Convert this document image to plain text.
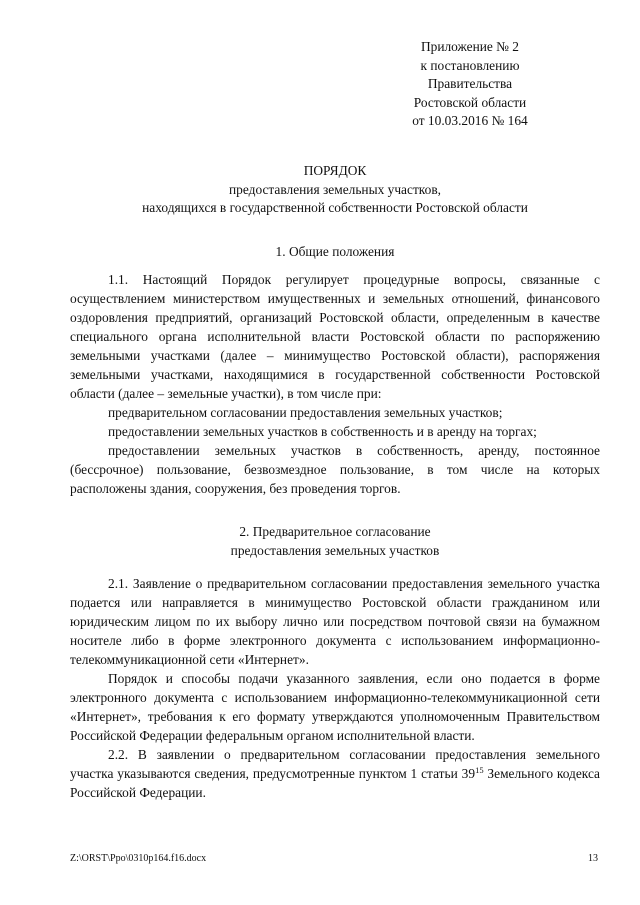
Приложение № 2
к постановлению
Правительства
Ростовской области
от 10.03.2016 № 164
ПОРЯДОК
предоставления земельных участков,
находящихся в государственной собственности Ростовской области
1. Общие положения

1.1. Настоящий Порядок регулирует процедурные вопросы, связанные с осуществлением министерством имущественных и земельных отношений, финансового оздоровления предприятий, организаций Ростовской области, определенным в качестве специального органа исполнительной власти Ростовской области по распоряжению земельными участками (далее – минимущество Ростовской области), распоряжения земельными участками, находящимися в государственной собственности Ростовской области (далее – земельные участки), в том числе при:

предварительном согласовании предоставления земельных участков;

предоставлении земельных участков в собственность и в аренду на торгах;

предоставлении земельных участков в собственность, аренду, постоянное (бессрочное) пользование, безвозмездное пользование, в том числе на которых расположены здания, сооружения, без проведения торгов.

2. Предварительное согласование
предоставления земельных участков

2.1. Заявление о предварительном согласовании предоставления земельного участка подается или направляется в минимущество Ростовской области гражданином или юридическим лицом по их выбору лично или посредством почтовой связи на бумажном носителе либо в форме электронного документа с использованием информационно-телекоммуникационной сети «Интернет».

Порядок и способы подачи указанного заявления, если оно подается в форме электронного документа с использованием информационно-телекоммуникационной сети «Интернет», требования к его формату утверждаются уполномоченным Правительством Российской Федерации федеральным органом исполнительной власти.

2.2. В заявлении о предварительном согласовании предоставления земельного участка указываются сведения, предусмотренные пунктом 1 статьи $39^{15}$ Земельного кодекса Российской Федерации.

Z:\ORST\Ppo\0310p164.f16.docx	13
